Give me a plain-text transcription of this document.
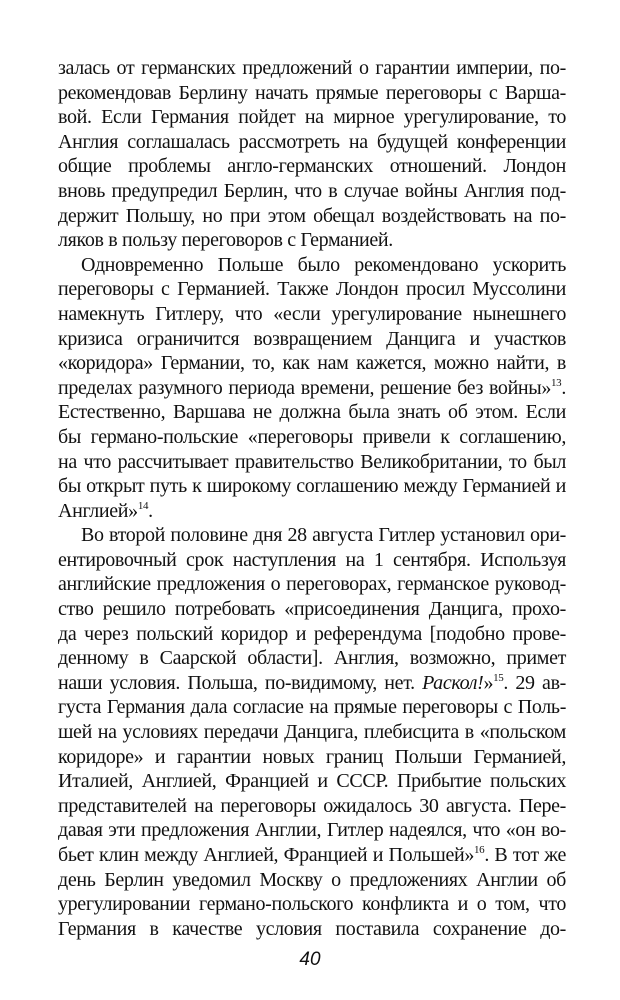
залаcь от германских предложений о гарантии империи, по-
рекомендовав Берлину начать прямые переговоры с Варша-
вой. Если Германия пойдет на мирное урегулирование, то
Англия соглашалась рассмотреть на будущей конференции
общие проблемы англо-германских отношений. Лондон
вновь предупредил Берлин, что в случае войны Англия под-
держит Польшу, но при этом обещал воздействовать на по-
ляков в пользу переговоров с Германией.
Одновременно Польше было рекомендовано ускорить
переговоры с Германией. Также Лондон просил Муссолини
намекнуть Гитлеру, что «если урегулирование нынешнего
кризиса ограничится возвращением Данцига и участков
«коридора» Германии, то, как нам кажется, можно найти, в
пределах разумного периода времени, решение без войны»$^{13}$.
Естественно, Варшава не должна была знать об этом. Если
бы германо-польские «переговоры привели к соглашению,
на что рассчитывает правительство Великобритании, то был
бы открыт путь к широкому соглашению между Германией и
Англией»$^{14}$.
Во второй половине дня 28 августа Гитлер установил ори-
ентировочный срок наступления на 1 сентября. Используя
английские предложения о переговорах, германское руковод-
ство решило потребовать «присоединения Данцига, прохо-
да через польский коридор и референдума [подобно прове-
денному в Саарской области]. Англия, возможно, примет
наши условия. Польша, по-видимому, нет. Раскол!»$^{15}$. 29 ав-
густа Германия дала согласие на прямые переговоры с Поль-
шей на условиях передачи Данцига, плебисцита в «польском
коридоре» и гарантии новых границ Польши Германией,
Италией, Англией, Францией и СССР. Прибытие польских
представителей на переговоры ожидалось 30 августа. Пере-
давая эти предложения Англии, Гитлер надеялся, что «он во-
бьет клин между Англией, Францией и Польшей»$^{16}$. В тот же
день Берлин уведомил Москву о предложениях Англии об
урегулировании германо-польского конфликта и о том, что
Германия в качестве условия поставила сохранение до-
40
